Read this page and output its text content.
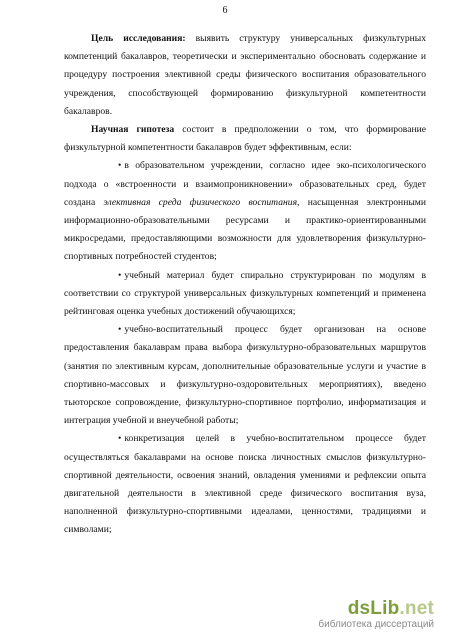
6

Цель исследования: выявить структуру универсальных физкультурных компетенций бакалавров, теоретически и экспериментально обосновать содержание и процедуру построения элективной среды физического воспитания образовательного учреждения, способствующей формированию физкультурной компетентности бакалавров.

Научная гипотеза состоит в предположении о том, что формирование физкультурной компетентности бакалавров будет эффективным, если:

• в образовательном учреждении, согласно идее эко-психологического подхода о «встроенности и взаимопроникновении» образовательных сред, будет создана элективная среда физического воспитания, насыщенная электронными информационно-образовательными ресурсами и практико-ориентированными микросредами, предоставляющими возможности для удовлетворения физкультурно-спортивных потребностей студентов;

• учебный материал будет спирально структурирован по модулям в соответствии со структурой универсальных физкультурных компетенций и применена рейтинговая оценка учебных достижений обучающихся;

• учебно-воспитательный процесс будет организован на основе предоставления бакалаврам права выбора физкультурно-образовательных маршрутов (занятия по элективным курсам, дополнительные образовательные услуги и участие в спортивно-массовых и физкультурно-оздоровительных мероприятиях), введено тьюторское сопровождение, физкультурно-спортивное портфолио, информатизация и интеграция учебной и внеучебной работы;

• конкретизация целей в учебно-воспитательном процессе будет осуществляться бакалаврами на основе поиска личностных смыслов физкультурно-спортивной деятельности, освоения знаний, овладения умениями и рефлексии опыта двигательной деятельности в элективной среде физического воспитания вуза, наполненной физкультурно-спортивными идеалами, ценностями, традициями и символами;

dsLib.net
библиотека диссертаций
